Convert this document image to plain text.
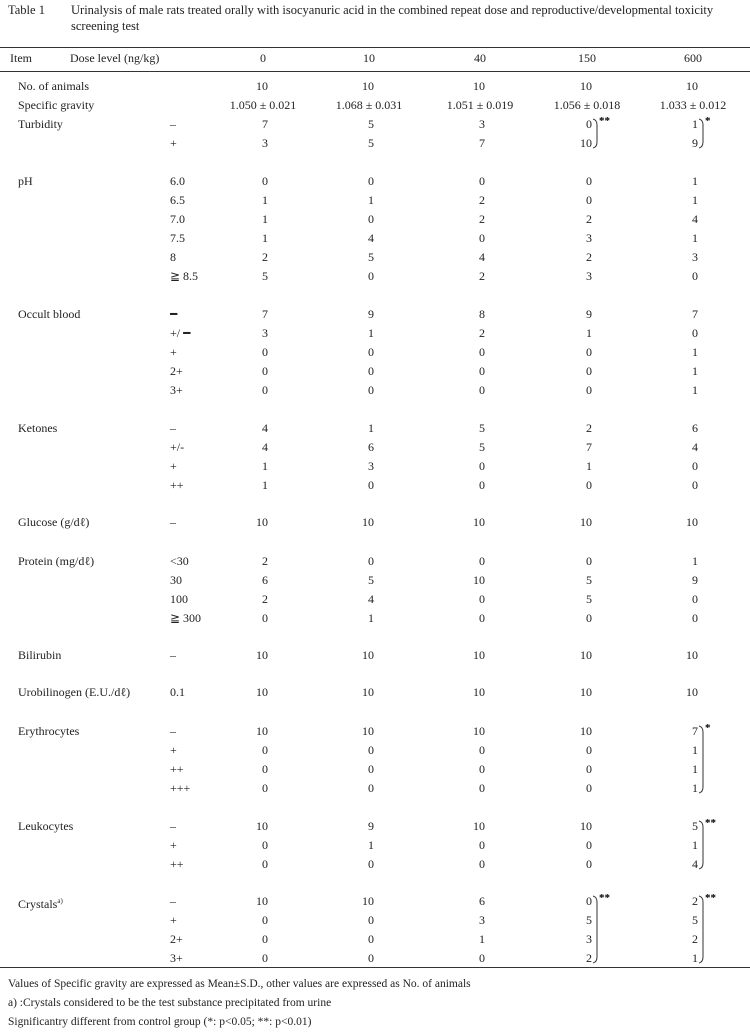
Table 1 Urinalysis of male rats treated orally with isocyanuric acid in the combined repeat dose and reproductive/developmental toxicity screening test
Item	Dose level (ng/kg)	0	10	40	150	600
No. of animals	10	10	10	10	10
Specific gravity	1.050 ± 0.021	1.068 ± 0.031	1.051 ± 0.019	1.056 ± 0.018	1.033 ± 0.012
Turbidity	–	7	5	3	0	1
+	3	5	7	10	9
pH	6.0	0	0	0	0	1
6.5	1	1	2	0	1
7.0	1	0	2	2	4
7.5	1	4	0	3	1
8	2	5	4	2	3
≧ 8.5	5	0	2	3	0
Occult blood	━	7	9	8	9	7
+/ ━	3	1	2	1	0
+	0	0	0	0	1
2+	0	0	0	0	1
3+	0	0	0	0	1
Ketones	–	4	1	5	2	6
+/-	4	6	5	7	4
+	1	3	0	1	0
++	1	0	0	0	0
Glucose (g/dℓ)	–	10	10	10	10	10
Protein (mg/dℓ)	<30	2	0	0	0	1
30	6	5	10	5	9
100	2	4	0	5	0
≧ 300	0	1	0	0	0
Bilirubin	–	10	10	10	10	10
Urobilinogen (E.U./dℓ)	0.1	10	10	10	10	10
Erythrocytes	–	10	10	10	10	7
+	0	0	0	0	1
++	0	0	0	0	1
+++	0	0	0	0	1
Leukocytes	–	10	9	10	10	5
+	0	1	0	0	1
++	0	0	0	0	4
Crystals$^{a)}$	–	10	10	6	0	2
+	0	0	3	5	5
2+	0	0	1	3	2
3+	0	0	0	2	1
**	*
*
**
**	**
Values of Specific gravity are expressed as Mean±S.D., other values are expressed as No. of animals
a) :Crystals considered to be the test substance precipitated from urine
Significantry different from control group (*: p<0.05; **: p<0.01)
